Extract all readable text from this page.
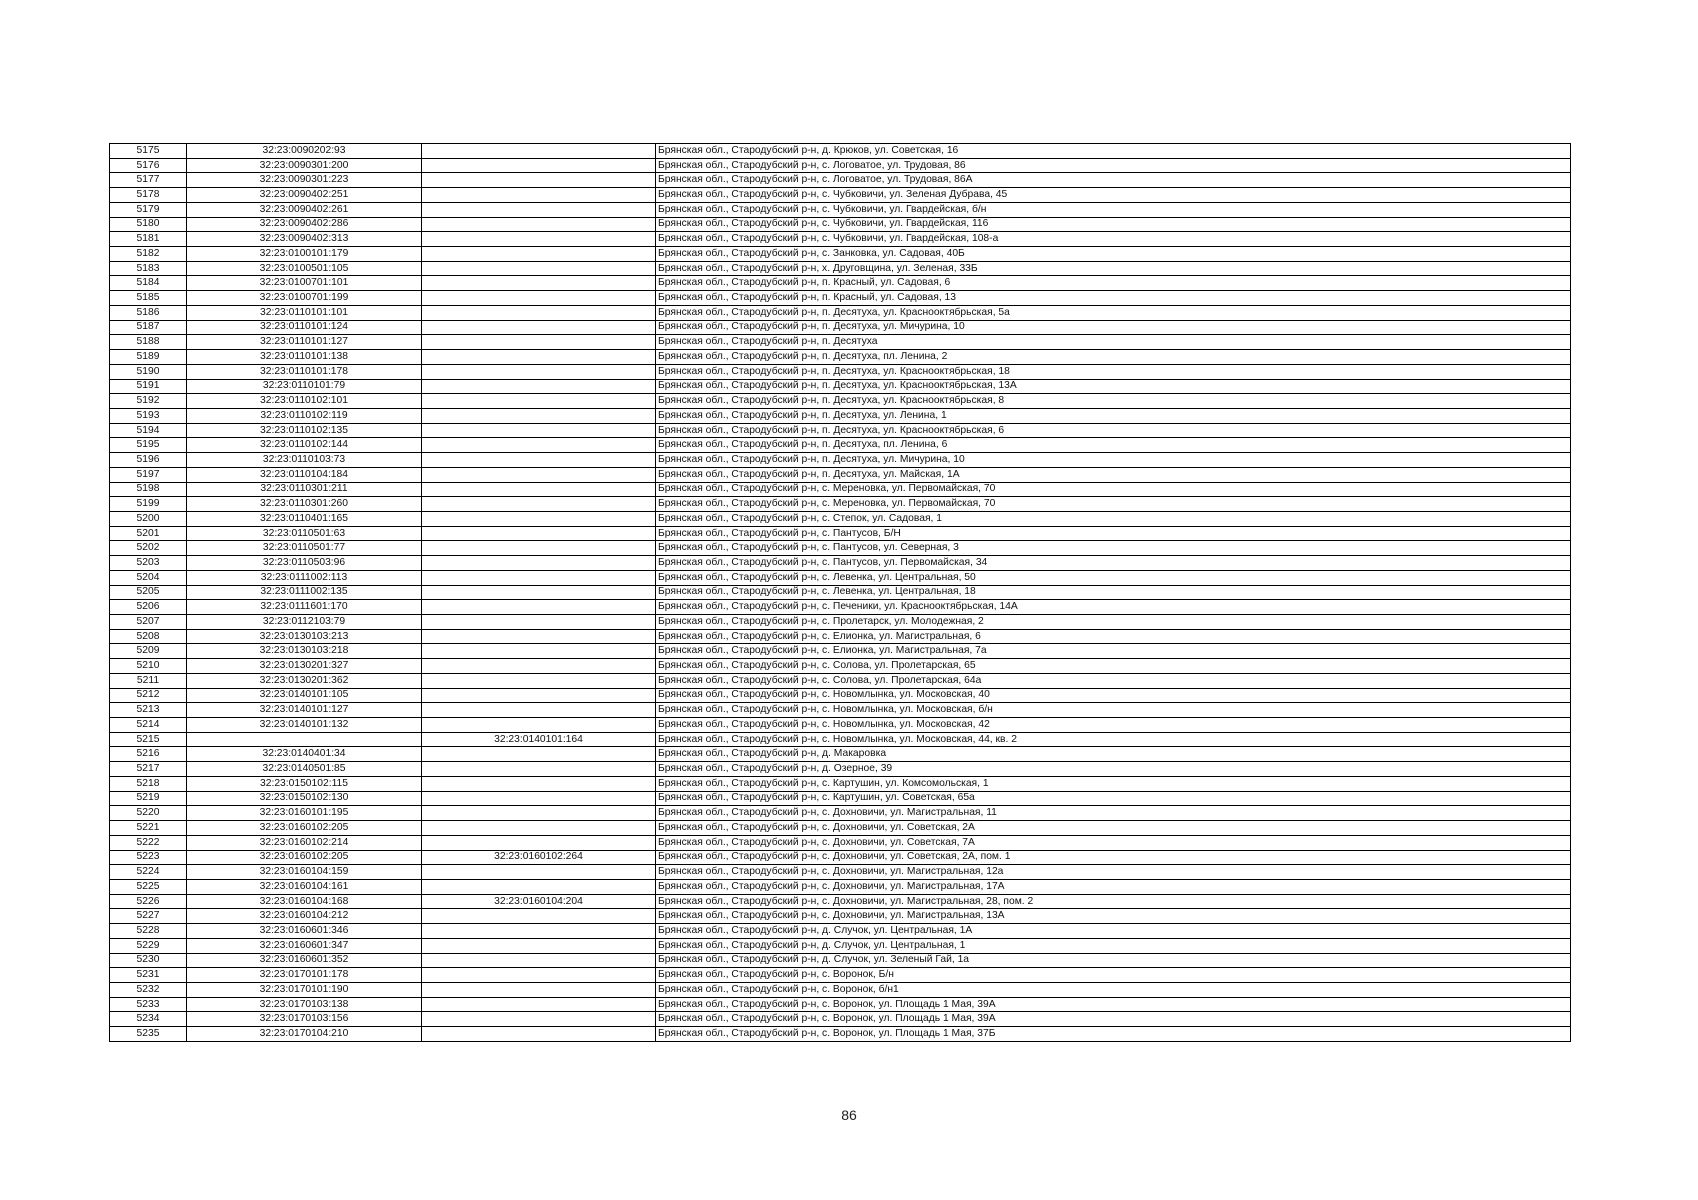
5175	32:23:0090202:93		Брянская обл., Стародубский р-н, д. Крюков, ул. Советская, 16
5176	32:23:0090301:200		Брянская обл., Стародубский р-н, с. Логоватое, ул. Трудовая, 86
5177	32:23:0090301:223		Брянская обл., Стародубский р-н, с. Логоватое, ул. Трудовая, 86А
5178	32:23:0090402:251		Брянская обл., Стародубский р-н, с. Чубковичи, ул. Зеленая Дубрава, 45
5179	32:23:0090402:261		Брянская обл., Стародубский р-н, с. Чубковичи, ул. Гвардейская, б/н
5180	32:23:0090402:286		Брянская обл., Стародубский р-н, с. Чубковичи, ул. Гвардейская, 116
5181	32:23:0090402:313		Брянская обл., Стародубский р-н, с. Чубковичи, ул. Гвардейская, 108-а
5182	32:23:0100101:179		Брянская обл., Стародубский р-н, с. Занковка, ул. Садовая, 40Б
5183	32:23:0100501:105		Брянская обл., Стародубский р-н, х. Друговщина, ул. Зеленая, 33Б
5184	32:23:0100701:101		Брянская обл., Стародубский р-н, п. Красный, ул. Садовая, 6
5185	32:23:0100701:199		Брянская обл., Стародубский р-н, п. Красный, ул. Садовая, 13
5186	32:23:0110101:101		Брянская обл., Стародубский р-н, п. Десятуха, ул. Краснооктябрьская, 5а
5187	32:23:0110101:124		Брянская обл., Стародубский р-н, п. Десятуха, ул. Мичурина, 10
5188	32:23:0110101:127		Брянская обл., Стародубский р-н, п. Десятуха
5189	32:23:0110101:138		Брянская обл., Стародубский р-н, п. Десятуха, пл. Ленина, 2
5190	32:23:0110101:178		Брянская обл., Стародубский р-н, п. Десятуха, ул. Краснооктябрьская, 18
5191	32:23:0110101:79		Брянская обл., Стародубский р-н, п. Десятуха, ул. Краснооктябрьская, 13А
5192	32:23:0110102:101		Брянская обл., Стародубский р-н, п. Десятуха, ул. Краснооктябрьская, 8
5193	32:23:0110102:119		Брянская обл., Стародубский р-н, п. Десятуха, ул. Ленина, 1
5194	32:23:0110102:135		Брянская обл., Стародубский р-н, п. Десятуха, ул. Краснооктябрьская, 6
5195	32:23:0110102:144		Брянская обл., Стародубский р-н, п. Десятуха, пл. Ленина, 6
5196	32:23:0110103:73		Брянская обл., Стародубский р-н, п. Десятуха, ул. Мичурина, 10
5197	32:23:0110104:184		Брянская обл., Стародубский р-н, п. Десятуха, ул. Майская, 1А
5198	32:23:0110301:211		Брянская обл., Стародубский р-н, с. Мереновка, ул. Первомайская, 70
5199	32:23:0110301:260		Брянская обл., Стародубский р-н, с. Мереновка, ул. Первомайская, 70
5200	32:23:0110401:165		Брянская обл., Стародубский р-н, с. Степок, ул. Садовая, 1
5201	32:23:0110501:63		Брянская обл., Стародубский р-н, с. Пантусов, Б/Н
5202	32:23:0110501:77		Брянская обл., Стародубский р-н, с. Пантусов, ул. Северная, 3
5203	32:23:0110503:96		Брянская обл., Стародубский р-н, с. Пантусов, ул. Первомайская, 34
5204	32:23:0111002:113		Брянская обл., Стародубский р-н, с. Левенка, ул. Центральная, 50
5205	32:23:0111002:135		Брянская обл., Стародубский р-н, с. Левенка, ул. Центральная, 18
5206	32:23:0111601:170		Брянская обл., Стародубский р-н, с. Печеники, ул. Краснооктябрьская, 14А
5207	32:23:0112103:79		Брянская обл., Стародубский р-н, с. Пролетарск, ул. Молодежная, 2
5208	32:23:0130103:213		Брянская обл., Стародубский р-н, с. Елионка, ул. Магистральная, 6
5209	32:23:0130103:218		Брянская обл., Стародубский р-н, с. Елионка, ул. Магистральная, 7а
5210	32:23:0130201:327		Брянская обл., Стародубский р-н, с. Солова, ул. Пролетарская, 65
5211	32:23:0130201:362		Брянская обл., Стародубский р-н, с. Солова, ул. Пролетарская, 64а
5212	32:23:0140101:105		Брянская обл., Стародубский р-н, с. Новомлынка, ул. Московская, 40
5213	32:23:0140101:127		Брянская обл., Стародубский р-н, с. Новомлынка, ул. Московская, б/н
5214	32:23:0140101:132		Брянская обл., Стародубский р-н, с. Новомлынка, ул. Московская, 42
5215		32:23:0140101:164	Брянская обл., Стародубский р-н, с. Новомлынка, ул. Московская, 44, кв. 2
5216	32:23:0140401:34		Брянская обл., Стародубский р-н, д. Макаровка
5217	32:23:0140501:85		Брянская обл., Стародубский р-н, д. Озерное, 39
5218	32:23:0150102:115		Брянская обл., Стародубский р-н, с. Картушин, ул. Комсомольская, 1
5219	32:23:0150102:130		Брянская обл., Стародубский р-н, с. Картушин, ул. Советская, 65а
5220	32:23:0160101:195		Брянская обл., Стародубский р-н, с. Дохновичи, ул. Магистральная, 11
5221	32:23:0160102:205		Брянская обл., Стародубский р-н, с. Дохновичи, ул. Советская, 2А
5222	32:23:0160102:214		Брянская обл., Стародубский р-н, с. Дохновичи, ул. Советская, 7А
5223	32:23:0160102:205	32:23:0160102:264	Брянская обл., Стародубский р-н, с. Дохновичи, ул. Советская, 2А, пом. 1
5224	32:23:0160104:159		Брянская обл., Стародубский р-н, с. Дохновичи, ул. Магистральная, 12а
5225	32:23:0160104:161		Брянская обл., Стародубский р-н, с. Дохновичи, ул. Магистральная, 17А
5226	32:23:0160104:168	32:23:0160104:204	Брянская обл., Стародубский р-н, с. Дохновичи, ул. Магистральная, 28, пом. 2
5227	32:23:0160104:212		Брянская обл., Стародубский р-н, с. Дохновичи, ул. Магистральная, 13А
5228	32:23:0160601:346		Брянская обл., Стародубский р-н, д. Случок, ул. Центральная, 1А
5229	32:23:0160601:347		Брянская обл., Стародубский р-н, д. Случок, ул. Центральная, 1
5230	32:23:0160601:352		Брянская обл., Стародубский р-н, д. Случок, ул. Зеленый Гай, 1а
5231	32:23:0170101:178		Брянская обл., Стародубский р-н, с. Воронок, Б/н
5232	32:23:0170101:190		Брянская обл., Стародубский р-н, с. Воронок, б/н1
5233	32:23:0170103:138		Брянская обл., Стародубский р-н, с. Воронок, ул. Площадь 1 Мая, 39А
5234	32:23:0170103:156		Брянская обл., Стародубский р-н, с. Воронок, ул. Площадь 1 Мая, 39А
5235	32:23:0170104:210		Брянская обл., Стародубский р-н, с. Воронок, ул. Площадь 1 Мая, 37Б
86
